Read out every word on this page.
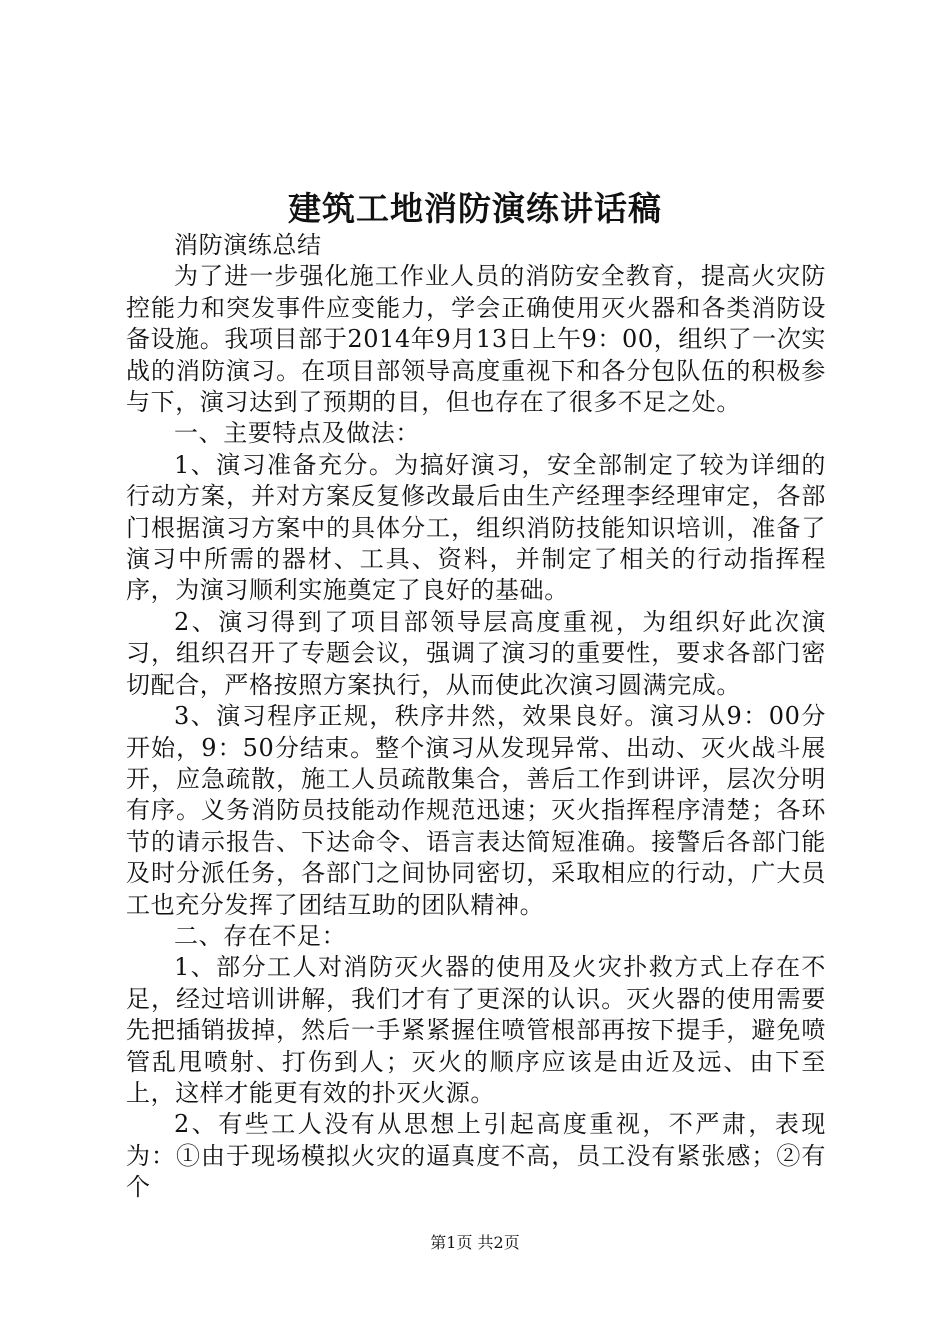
建筑工地消防演练讲话稿

消防演练总结

为了进一步强化施工作业人员的消防安全教育，提高火灾防控能力和突发事件应变能力，学会正确使用灭火器和各类消防设备设施。我项目部于2014年9月13日上午9：00，组织了一次实战的消防演习。在项目部领导高度重视下和各分包队伍的积极参与下，演习达到了预期的目，但也存在了很多不足之处。

一、主要特点及做法：

1、演习准备充分。为搞好演习，安全部制定了较为详细的行动方案，并对方案反复修改最后由生产经理李经理审定，各部门根据演习方案中的具体分工，组织消防技能知识培训，准备了演习中所需的器材、工具、资料，并制定了相关的行动指挥程序，为演习顺利实施奠定了良好的基础。

2、演习得到了项目部领导层高度重视，为组织好此次演习，组织召开了专题会议，强调了演习的重要性，要求各部门密切配合，严格按照方案执行，从而使此次演习圆满完成。

3、演习程序正规，秩序井然，效果良好。演习从9：00分开始，9：50分结束。整个演习从发现异常、出动、灭火战斗展开，应急疏散，施工人员疏散集合，善后工作到讲评，层次分明有序。义务消防员技能动作规范迅速；灭火指挥程序清楚；各环节的请示报告、下达命令、语言表达简短准确。接警后各部门能及时分派任务，各部门之间协同密切，采取相应的行动，广大员工也充分发挥了团结互助的团队精神。

二、存在不足：

1、部分工人对消防灭火器的使用及火灾扑救方式上存在不足，经过培训讲解，我们才有了更深的认识。灭火器的使用需要先把插销拔掉，然后一手紧紧握住喷管根部再按下提手，避免喷管乱甩喷射、打伤到人；灭火的顺序应该是由近及远、由下至上，这样才能更有效的扑灭火源。

2、有些工人没有从思想上引起高度重视，不严肃，表现为：①由于现场模拟火灾的逼真度不高，员工没有紧张感；②有个

第1页 共2页
